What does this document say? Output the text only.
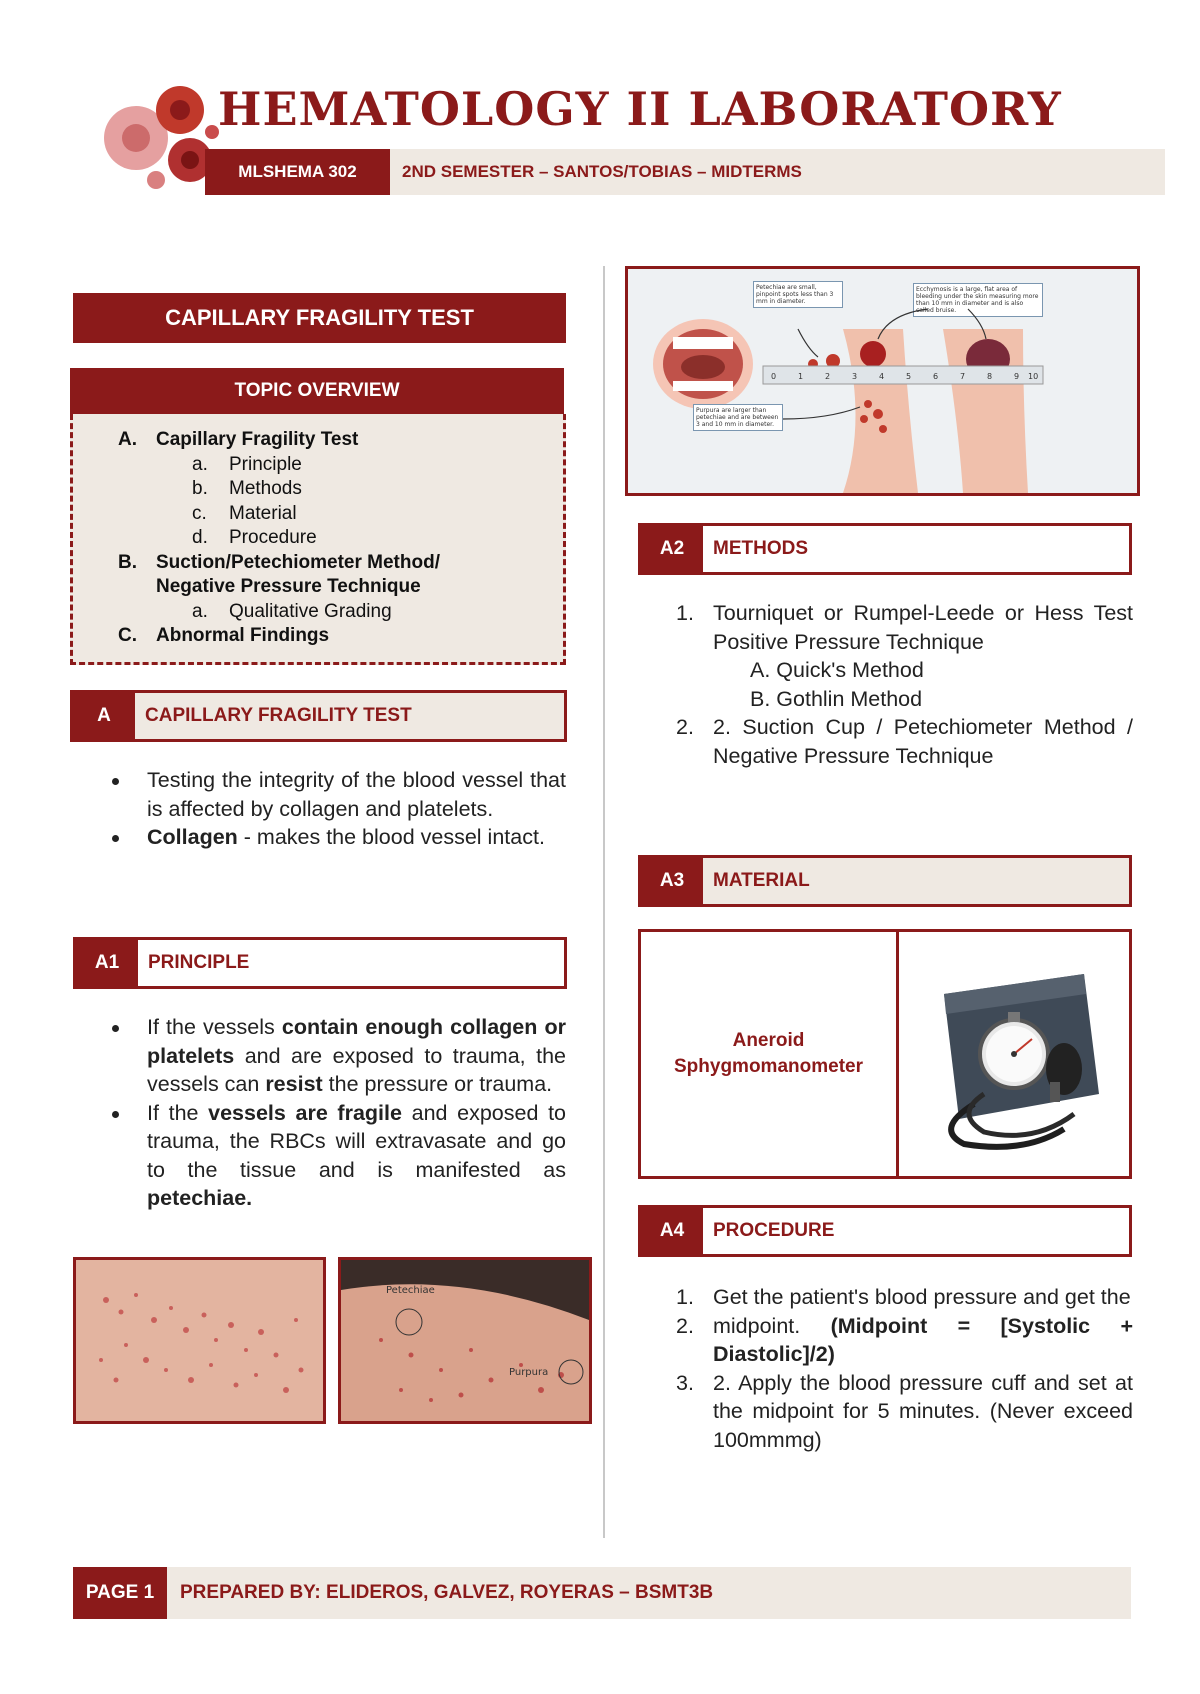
HEMATOLOGY II LABORATORY
MLSHEMA 302	2ND SEMESTER – SANTOS/TOBIAS – MIDTERMS
CAPILLARY FRAGILITY TEST
TOPIC OVERVIEW
A.	Capillary Fragility Test
a.	Principle
b.	Methods
c.	Material
d.	Procedure
B.	Suction/Petechiometer Method/
Negative Pressure Technique
a.	Qualitative Grading
C.	Abnormal Findings
A	CAPILLARY FRAGILITY TEST
Testing the integrity of the blood vessel that is affected by collagen and platelets.
Collagen - makes the blood vessel intact.
A1	PRINCIPLE
If the vessels contain enough collagen or platelets and are exposed to trauma, the vessels can resist the pressure or trauma.
If the vessels are fragile and exposed to trauma, the RBCs will extravasate and go to the tissue and is manifested as petechiae.
Petechiae
Purpura
0	1	2	3	4	5	6	7	8	9 10
Petechiae are small, pinpoint spots less than 3 mm in diameter.
Ecchymosis is a large, flat area of bleeding under the skin measuring more than 10 mm in diameter and is also called bruise.
Purpura are larger than petechiae and are between 3 and 10 mm in diameter.
A2	METHODS
1. Tourniquet or Rumpel-Leede or Hess Test Positive Pressure Technique
A. Quick's Method
B. Gothlin Method
2. 2. Suction Cup / Petechiometer Method / Negative Pressure Technique
A3	MATERIAL
Aneroid
Sphygmomanometer
A4	PROCEDURE
1. Get the patient's blood pressure and get the
2. midpoint. (Midpoint = [Systolic + Diastolic]/2)
3. 2. Apply the blood pressure cuff and set at the midpoint for 5 minutes. (Never exceed 100mmmg)
PAGE 1	PREPARED BY: ELIDEROS, GALVEZ, ROYERAS – BSMT3B
